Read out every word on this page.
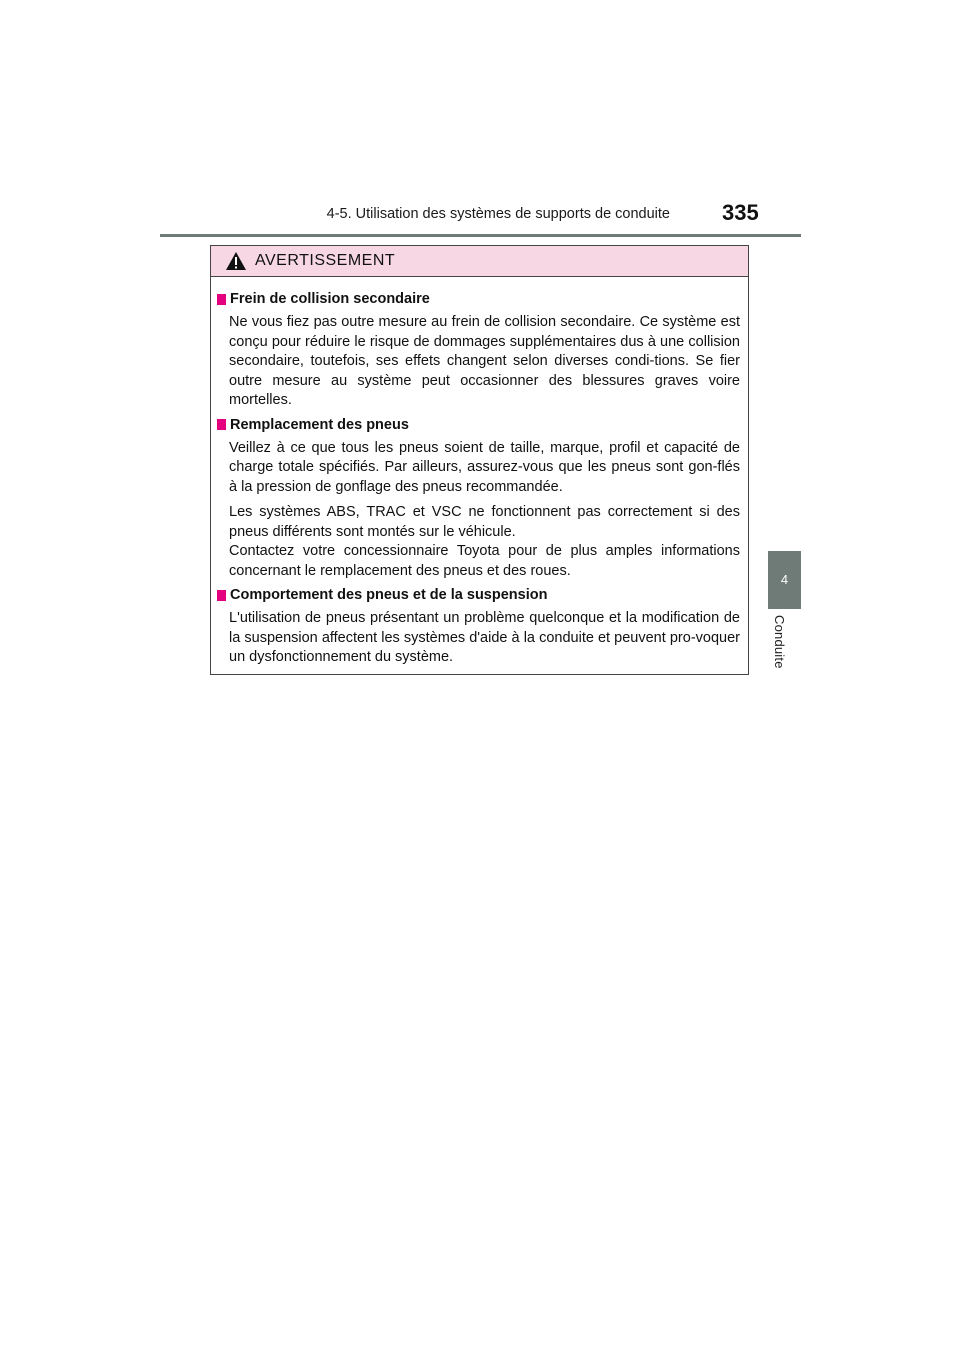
4-5. Utilisation des systèmes de supports de conduite 335
4
Conduite
AVERTISSEMENT
Frein de collision secondaire

Ne vous fiez pas outre mesure au frein de collision secondaire. Ce système est conçu pour réduire le risque de dommages supplémentaires dus à une collision secondaire, toutefois, ses effets changent selon diverses condi-tions. Se fier outre mesure au système peut occasionner des blessures graves voire mortelles.

Remplacement des pneus

Veillez à ce que tous les pneus soient de taille, marque, profil et capacité de charge totale spécifiés. Par ailleurs, assurez-vous que les pneus sont gon-flés à la pression de gonflage des pneus recommandée.

Les systèmes ABS, TRAC et VSC ne fonctionnent pas correctement si des pneus différents sont montés sur le véhicule.

Contactez votre concessionnaire Toyota pour de plus amples informations concernant le remplacement des pneus et des roues.

Comportement des pneus et de la suspension

L'utilisation de pneus présentant un problème quelconque et la modification de la suspension affectent les systèmes d'aide à la conduite et peuvent pro-voquer un dysfonctionnement du système.
